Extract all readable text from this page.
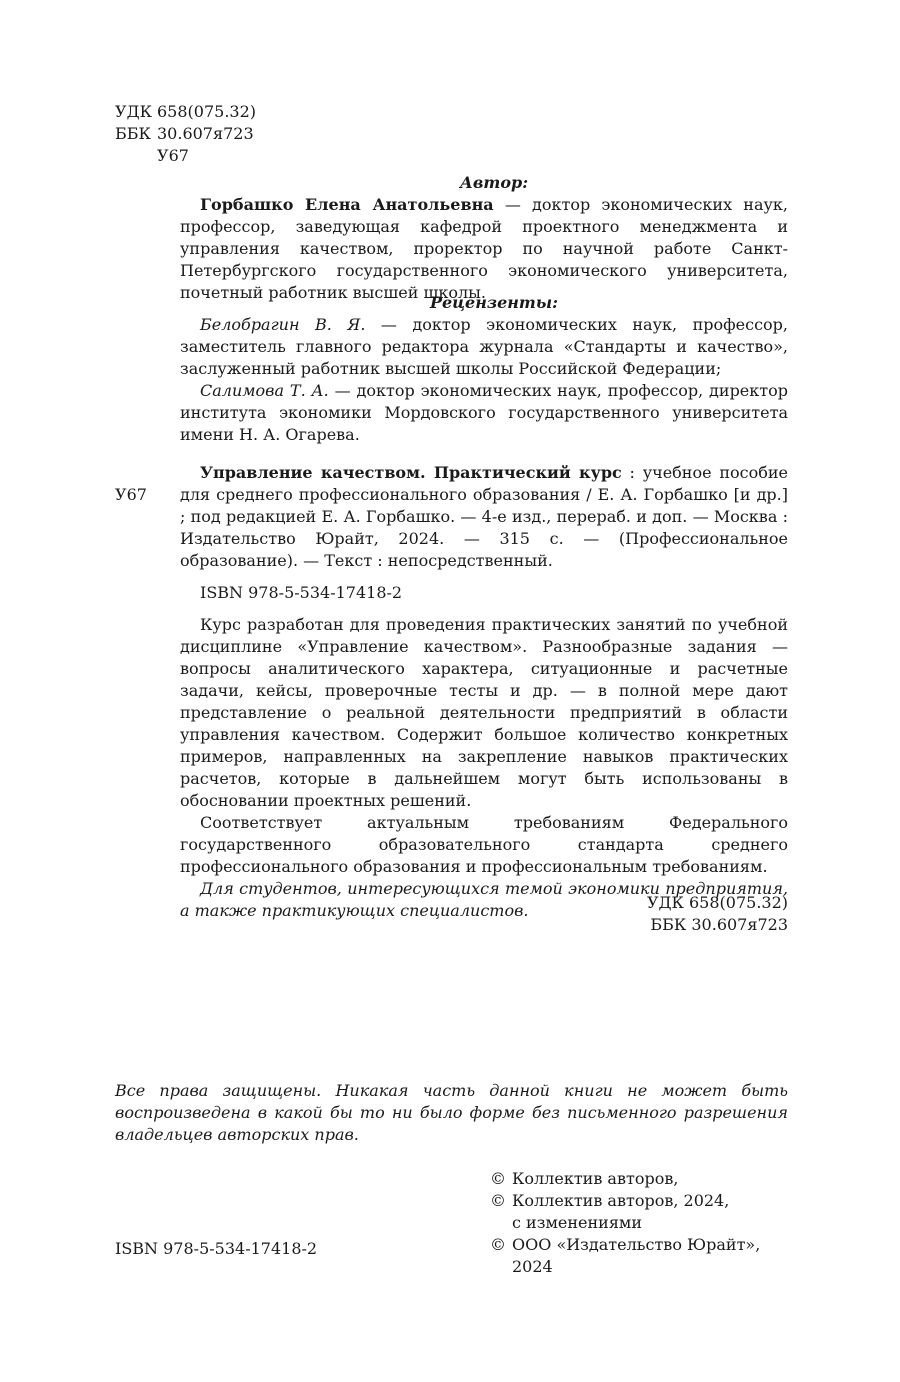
УДК 658(075.32)
ББК 30.607я723
У67
Автор:

Горбашко Елена Анатольевна — доктор экономических наук, профессор, заведующая кафедрой проектного менеджмента и управления качеством, проректор по научной работе Санкт-Петербургского государственного экономического университета, почетный работник высшей школы.

Рецензенты:

Белобрагин В. Я. — доктор экономических наук, профессор, заместитель главного редактора журнала «Стандарты и качество», заслуженный работник высшей школы Российской Федерации;

Салимова Т. А. — доктор экономических наук, профессор, директор института экономики Мордовского государственного университета имени Н. А. Огарева.

У67

Управление качеством. Практический курс : учебное пособие для среднего профессионального образования / Е. А. Горбашко [и др.] ; под редакцией Е. А. Горбашко. — 4-е изд., перераб. и доп. — Москва : Издательство Юрайт, 2024. — 315 с. — (Профессиональное образование). — Текст : непосредственный.

ISBN 978-5-534-17418-2

Курс разработан для проведения практических занятий по учебной дисциплине «Управление качеством». Разнообразные задания — вопросы аналитического характера, ситуационные и расчетные задачи, кейсы, проверочные тесты и др. — в полной мере дают представление о реальной деятельности предприятий в области управления качеством. Содержит большое количество конкретных примеров, направленных на закрепление навыков практических расчетов, которые в дальнейшем могут быть использованы в обосновании проектных решений.

Соответствует актуальным требованиям Федерального государственного образовательного стандарта среднего профессионального образования и профессиональным требованиям.

Для студентов, интересующихся темой экономики предприятия, а также практикующих специалистов.	УДК 658(075.32)
ББК 30.607я723

Все права защищены. Никакая часть данной книги не может быть воспроизведена в какой бы то ни было форме без письменного разрешения владельцев авторских прав.

ISBN 978-5-534-17418-2
© Коллектив авторов,
© Коллектив авторов, 2024,
с изменениями
© ООО «Издательство Юрайт», 2024
